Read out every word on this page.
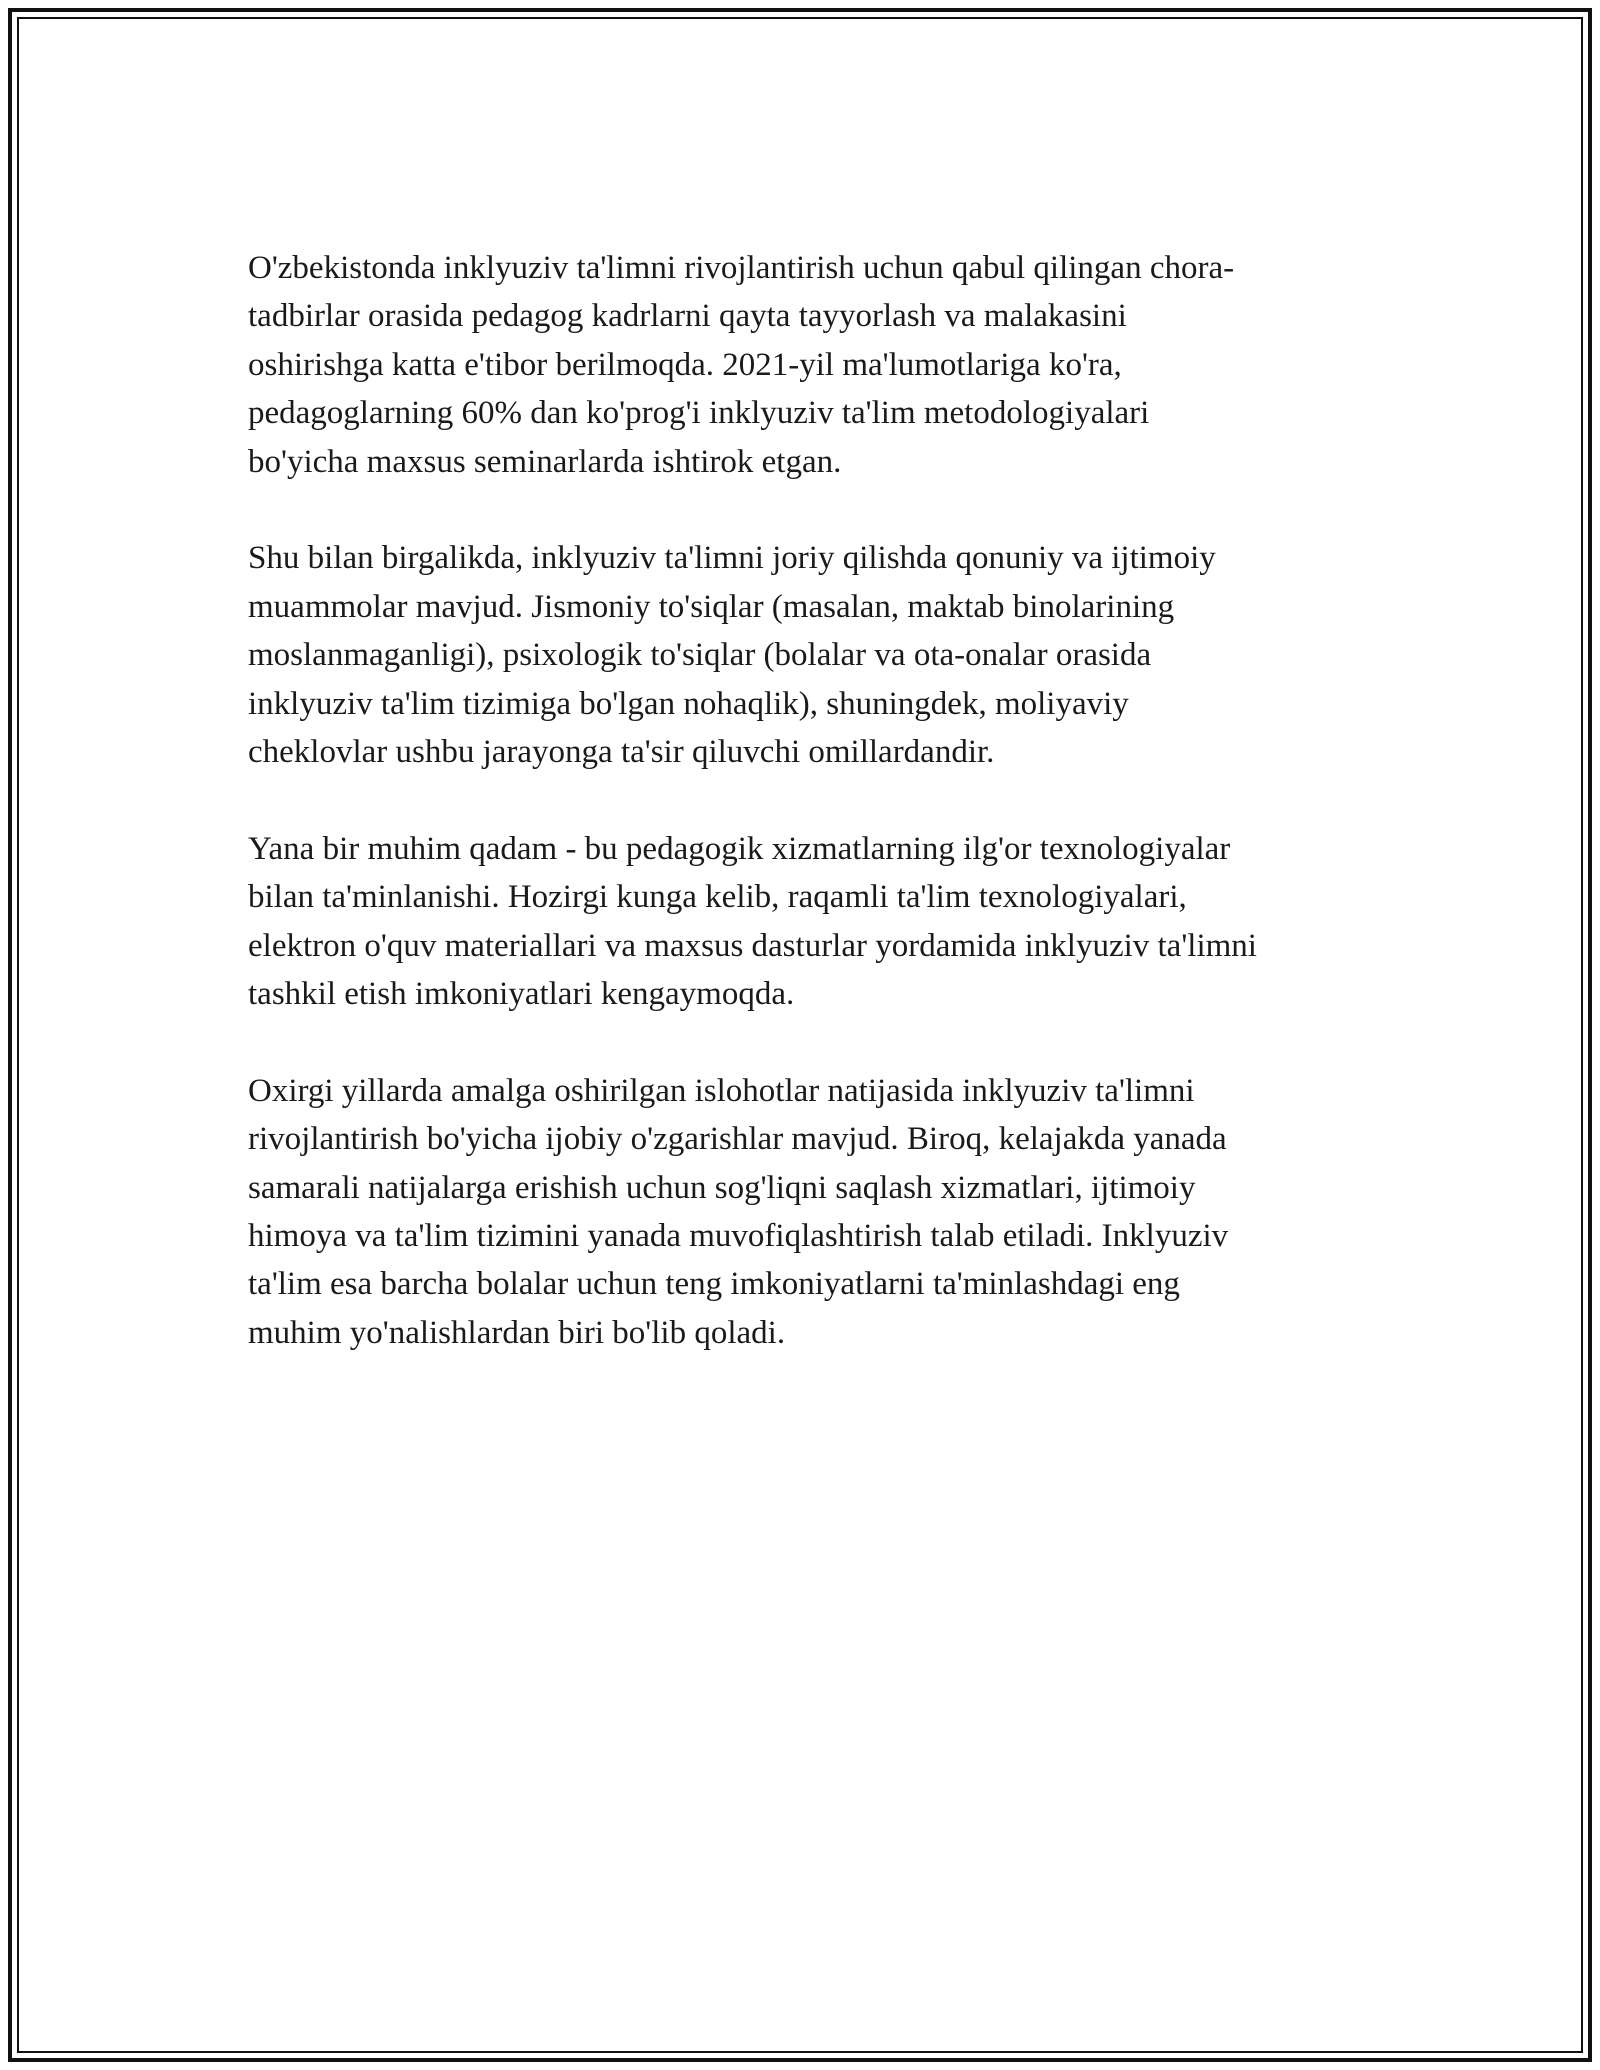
O'zbekistonda inklyuziv ta'limni rivojlantirish uchun qabul qilingan chora-
tadbirlar orasida pedagog kadrlarni qayta tayyorlash va malakasini
oshirishga katta e'tibor berilmoqda. 2021-yil ma'lumotlariga ko'ra,
pedagoglarning 60% dan ko'prog'i inklyuziv ta'lim metodologiyalari
bo'yicha maxsus seminarlarda ishtirok etgan.

Shu bilan birgalikda, inklyuziv ta'limni joriy qilishda qonuniy va ijtimoiy
muammolar mavjud. Jismoniy to'siqlar (masalan, maktab binolarining
moslanmaganligi), psixologik to'siqlar (bolalar va ota-onalar orasida
inklyuziv ta'lim tizimiga bo'lgan nohaqlik), shuningdek, moliyaviy
cheklovlar ushbu jarayonga ta'sir qiluvchi omillardandir.

Yana bir muhim qadam - bu pedagogik xizmatlarning ilg'or texnologiyalar
bilan ta'minlanishi. Hozirgi kunga kelib, raqamli ta'lim texnologiyalari,
elektron o'quv materiallari va maxsus dasturlar yordamida inklyuziv ta'limni
tashkil etish imkoniyatlari kengaymoqda.

Oxirgi yillarda amalga oshirilgan islohotlar natijasida inklyuziv ta'limni
rivojlantirish bo'yicha ijobiy o'zgarishlar mavjud. Biroq, kelajakda yanada
samarali natijalarga erishish uchun sog'liqni saqlash xizmatlari, ijtimoiy
himoya va ta'lim tizimini yanada muvofiqlashtirish talab etiladi. Inklyuziv
ta'lim esa barcha bolalar uchun teng imkoniyatlarni ta'minlashdagi eng
muhim yo'nalishlardan biri bo'lib qoladi.
